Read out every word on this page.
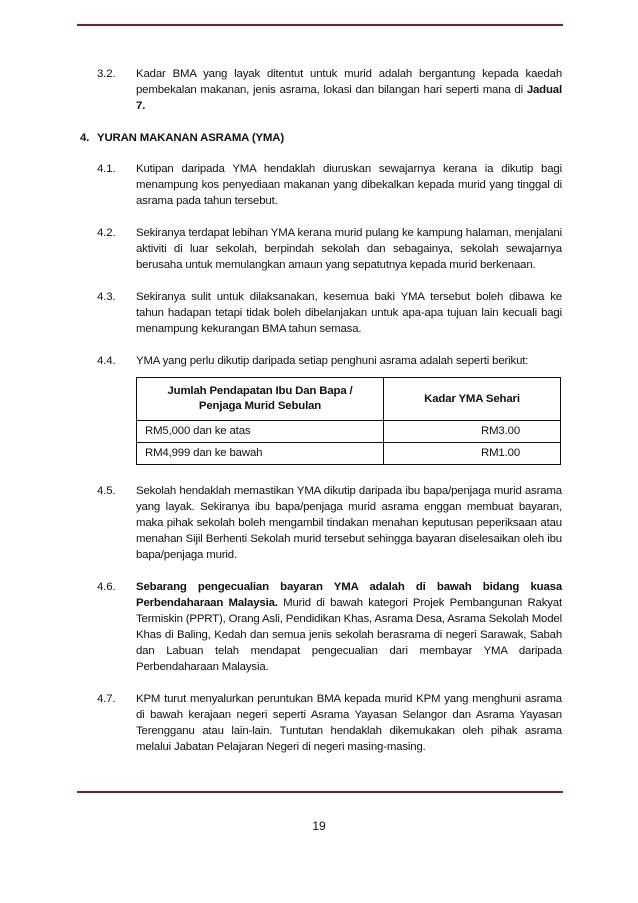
3.2.	Kadar BMA yang layak ditentut untuk murid adalah bergantung kepada kaedah pembekalan makanan, jenis asrama, lokasi dan bilangan hari seperti mana di Jadual 7.
4. YURAN MAKANAN ASRAMA (YMA)
4.1.	Kutipan daripada YMA hendaklah diuruskan sewajarnya kerana ia dikutip bagi menampung kos penyediaan makanan yang dibekalkan kepada murid yang tinggal di asrama pada tahun tersebut.
4.2.	Sekiranya terdapat lebihan YMA kerana murid pulang ke kampung halaman, menjalani aktiviti di luar sekolah, berpindah sekolah dan sebagainya, sekolah sewajarnya berusaha untuk memulangkan amaun yang sepatutnya kepada murid berkenaan.
4.3.	Sekiranya sulit untuk dilaksanakan, kesemua baki YMA tersebut boleh dibawa ke tahun hadapan tetapi tidak boleh dibelanjakan untuk apa-apa tujuan lain kecuali bagi menampung kekurangan BMA tahun semasa.
4.4.	YMA yang perlu dikutip daripada setiap penghuni asrama adalah seperti berikut:
Jumlah Pendapatan Ibu Dan Bapa / Penjaga Murid Sebulan	Kadar YMA Sehari
RM5,000 dan ke atas	RM3.00
RM4,999 dan ke bawah	RM1.00
4.5.	Sekolah hendaklah memastikan YMA dikutip daripada ibu bapa/penjaga murid asrama yang layak. Sekiranya ibu bapa/penjaga murid asrama enggan membuat bayaran, maka pihak sekolah boleh mengambil tindakan menahan keputusan peperiksaan atau menahan Sijil Berhenti Sekolah murid tersebut sehingga bayaran diselesaikan oleh ibu bapa/penjaga murid.
4.6.	Sebarang pengecualian bayaran YMA adalah di bawah bidang kuasa Perbendaharaan Malaysia. Murid di bawah kategori Projek Pembangunan Rakyat Termiskin (PPRT), Orang Asli, Pendidikan Khas, Asrama Desa, Asrama Sekolah Model Khas di Baling, Kedah dan semua jenis sekolah berasrama di negeri Sarawak, Sabah dan Labuan telah mendapat pengecualian dari membayar YMA daripada Perbendaharaan Malaysia.
4.7.	KPM turut menyalurkan peruntukan BMA kepada murid KPM yang menghuni asrama di bawah kerajaan negeri seperti Asrama Yayasan Selangor dan Asrama Yayasan Terengganu atau lain-lain. Tuntutan hendaklah dikemukakan oleh pihak asrama melalui Jabatan Pelajaran Negeri di negeri masing-masing.
19
